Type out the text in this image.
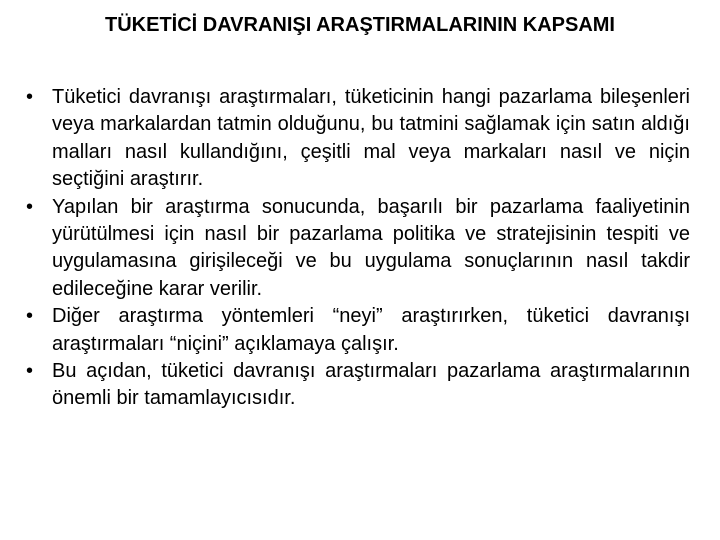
TÜKETİCİ DAVRANIŞI ARAŞTIRMALARININ KAPSAMI
• Tüketici davranışı araştırmaları, tüketicinin hangi pazarlama bileşenleri veya markalardan tatmin olduğunu, bu tatmini sağlamak için satın aldığı malları nasıl kullandığını, çeşitli mal veya markaları nasıl ve niçin seçtiğini araştırır.
• Yapılan bir araştırma sonucunda, başarılı bir pazarlama faaliyetinin yürütülmesi için nasıl bir pazarlama politika ve stratejisinin tespiti ve uygulamasına girişileceği ve bu uygulama sonuçlarının nasıl takdir edileceğine karar verilir.
• Diğer araştırma yöntemleri “neyi” araştırırken, tüketici davranışı araştırmaları “niçini” açıklamaya çalışır.
• Bu açıdan, tüketici davranışı araştırmaları pazarlama araştırmalarının önemli bir tamamlayıcısıdır.
